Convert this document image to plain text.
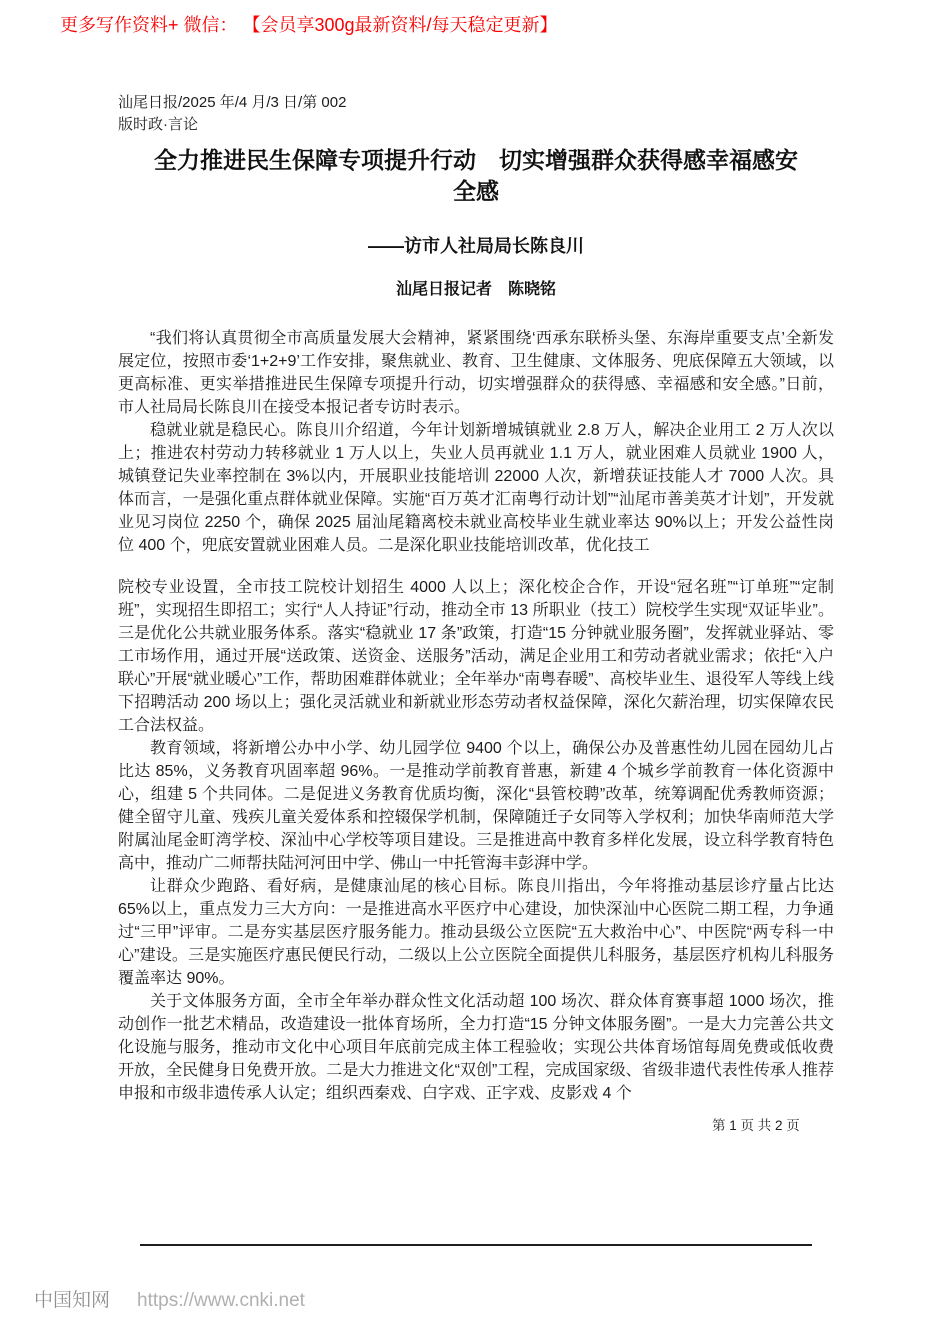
更多写作资料+ 微信： 【会员享300g最新资料/每天稳定更新】
汕尾日报/2025 年/4 月/3 日/第 002
版时政·言论
全力推进民生保障专项提升行动　切实增强群众获得感幸福感安全感
——访市人社局局长陈良川
汕尾日报记者　陈晓铭

“我们将认真贯彻全市高质量发展大会精神，紧紧围绕‘西承东联桥头堡、东海岸重要支点’全新发展定位，按照市委‘1+2+9’工作安排，聚焦就业、教育、卫生健康、文体服务、兜底保障五大领域，以更高标准、更实举措推进民生保障专项提升行动，切实增强群众的获得感、幸福感和安全感。”日前，市人社局局长陈良川在接受本报记者专访时表示。

稳就业就是稳民心。陈良川介绍道，今年计划新增城镇就业 2.8 万人，解决企业用工 2 万人次以上；推进农村劳动力转移就业 1 万人以上，失业人员再就业 1.1 万人，就业困难人员就业 1900 人，城镇登记失业率控制在 3%以内，开展职业技能培训 22000 人次，新增获证技能人才 7000 人次。具体而言，一是强化重点群体就业保障。实施“百万英才汇南粤行动计划”“汕尾市善美英才计划”，开发就业见习岗位 2250 个，确保 2025 届汕尾籍离校未就业高校毕业生就业率达 90%以上；开发公益性岗位 400 个，兜底安置就业困难人员。二是深化职业技能培训改革，优化技工

院校专业设置，全市技工院校计划招生 4000 人以上；深化校企合作，开设“冠名班”“订单班”“定制班”，实现招生即招工；实行“人人持证”行动，推动全市 13 所职业（技工）院校学生实现“双证毕业”。三是优化公共就业服务体系。落实“稳就业 17 条”政策，打造“15 分钟就业服务圈”，发挥就业驿站、零工市场作用，通过开展“送政策、送资金、送服务”活动，满足企业用工和劳动者就业需求；依托“入户联心”开展“就业暖心”工作，帮助困难群体就业；全年举办“南粤春暖”、高校毕业生、退役军人等线上线下招聘活动 200 场以上；强化灵活就业和新就业形态劳动者权益保障，深化欠薪治理，切实保障农民工合法权益。

教育领域，将新增公办中小学、幼儿园学位 9400 个以上，确保公办及普惠性幼儿园在园幼儿占比达 85%，义务教育巩固率超 96%。一是推动学前教育普惠，新建 4 个城乡学前教育一体化资源中心，组建 5 个共同体。二是促进义务教育优质均衡，深化“县管校聘”改革，统筹调配优秀教师资源；健全留守儿童、残疾儿童关爱体系和控辍保学机制，保障随迁子女同等入学权利；加快华南师范大学附属汕尾金町湾学校、深汕中心学校等项目建设。三是推进高中教育多样化发展，设立科学教育特色高中，推动广二师帮扶陆河河田中学、佛山一中托管海丰彭湃中学。

让群众少跑路、看好病，是健康汕尾的核心目标。陈良川指出，今年将推动基层诊疗量占比达 65%以上，重点发力三大方向：一是推进高水平医疗中心建设，加快深汕中心医院二期工程，力争通过“三甲”评审。二是夯实基层医疗服务能力。推动县级公立医院“五大救治中心”、中医院“两专科一中心”建设。三是实施医疗惠民便民行动，二级以上公立医院全面提供儿科服务，基层医疗机构儿科服务覆盖率达 90%。

关于文体服务方面，全市全年举办群众性文化活动超 100 场次、群众体育赛事超 1000 场次，推动创作一批艺术精品，改造建设一批体育场所，全力打造“15 分钟文体服务圈”。一是大力完善公共文化设施与服务，推动市文化中心项目年底前完成主体工程验收；实现公共体育场馆每周免费或低收费开放，全民健身日免费开放。二是大力推进文化“双创”工程，完成国家级、省级非遗代表性传承人推荐申报和市级非遗传承人认定；组织西秦戏、白字戏、正字戏、皮影戏 4 个

第 1 页 共 2 页
中国知网 https://www.cnki.net
